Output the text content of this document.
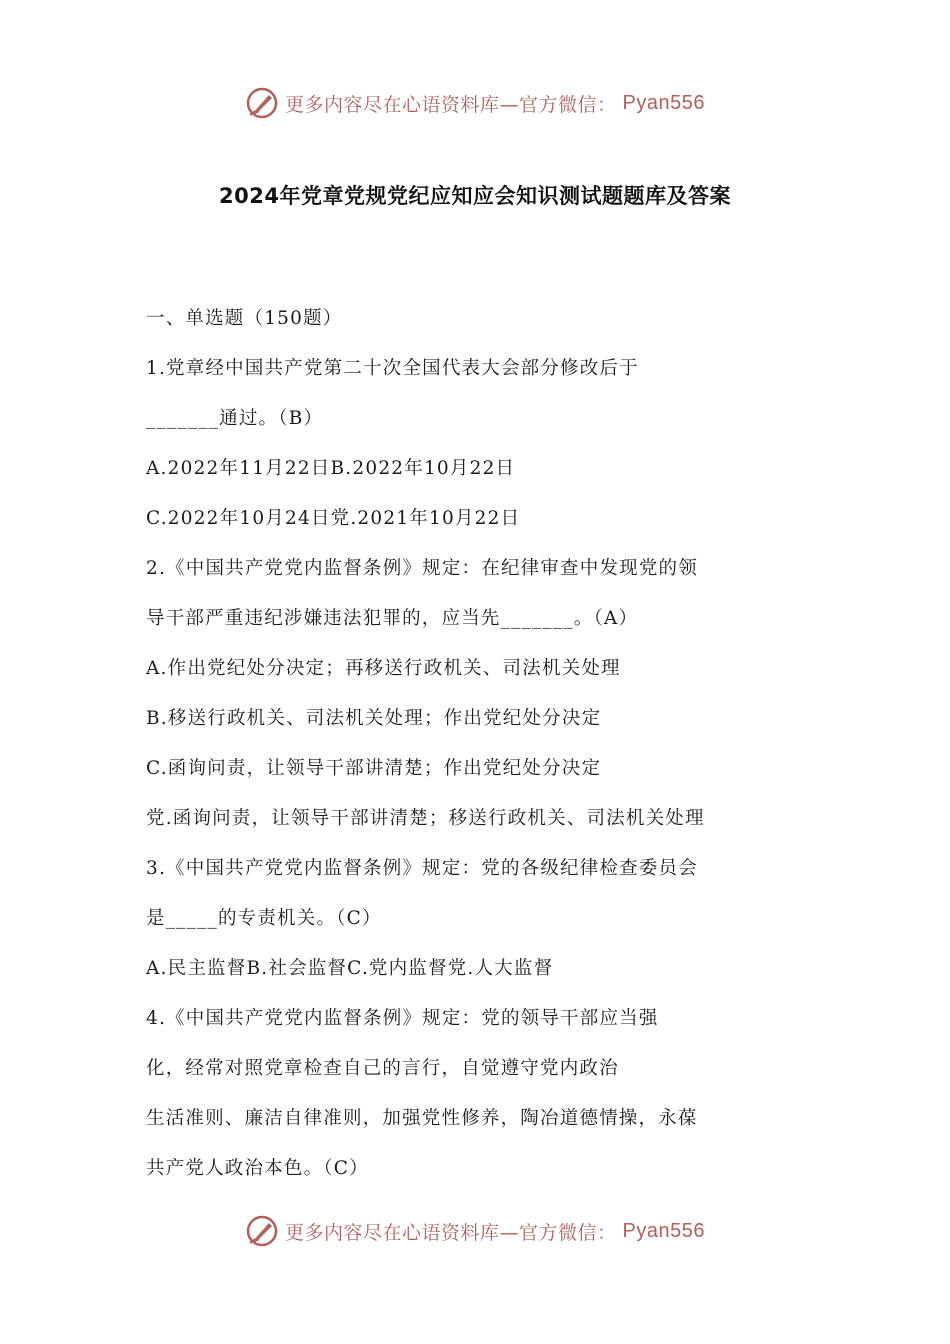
更多内容尽在心语资料库—官方微信： Pyan556
2024年党章党规党纪应知应会知识测试题题库及答案
一、单选题（150题）
1.党章经中国共产党第二十次全国代表大会部分修改后于
_______通过。（B）
A.2022年11月22日B.2022年10月22日
C.2022年10月24日党.2021年10月22日
2.《中国共产党党内监督条例》规定：在纪律审查中发现党的领
导干部严重违纪涉嫌违法犯罪的，应当先_______。（A）
A.作出党纪处分决定；再移送行政机关、司法机关处理
B.移送行政机关、司法机关处理；作出党纪处分决定
C.函询问责，让领导干部讲清楚；作出党纪处分决定
党.函询问责，让领导干部讲清楚；移送行政机关、司法机关处理
3.《中国共产党党内监督条例》规定：党的各级纪律检查委员会
是_____的专责机关。（C）
A.民主监督B.社会监督C.党内监督党.人大监督
4.《中国共产党党内监督条例》规定：党的领导干部应当强
化，经常对照党章检查自己的言行，自觉遵守党内政治
生活准则、廉洁自律准则，加强党性修养，陶冶道德情操，永葆
共产党人政治本色。（C）
更多内容尽在心语资料库—官方微信： Pyan556
